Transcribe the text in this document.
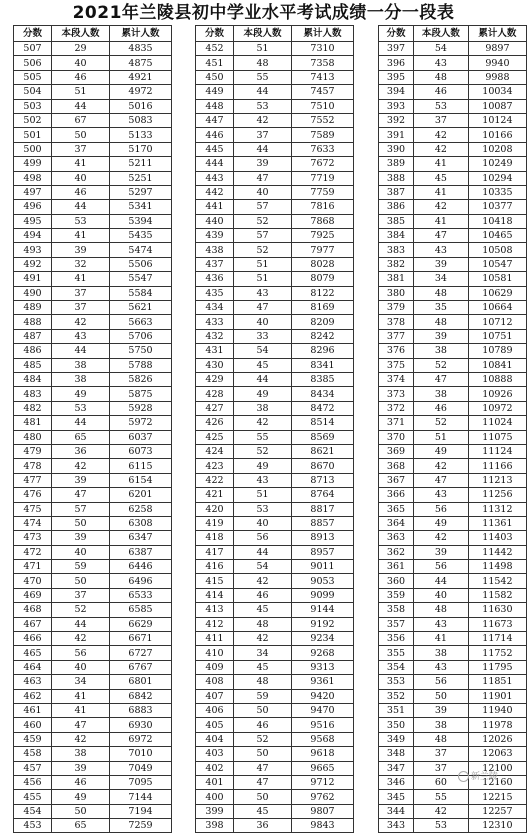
2021年兰陵县初中学业水平考试成绩一分一段表
分数	本段人数	累计人数
507	29	4835
506	40	4875
505	46	4921
504	51	4972
503	44	5016
502	67	5083
501	50	5133
500	37	5170
499	41	5211
498	40	5251
497	46	5297
496	44	5341
495	53	5394
494	41	5435
493	39	5474
492	32	5506
491	41	5547
490	37	5584
489	37	5621
488	42	5663
487	43	5706
486	44	5750
485	38	5788
484	38	5826
483	49	5875
482	53	5928
481	44	5972
480	65	6037
479	36	6073
478	42	6115
477	39	6154
476	47	6201
475	57	6258
474	50	6308
473	39	6347
472	40	6387
471	59	6446
470	50	6496
469	37	6533
468	52	6585
467	44	6629
466	42	6671
465	56	6727
464	40	6767
463	34	6801
462	41	6842
461	41	6883
460	47	6930
459	42	6972
458	38	7010
457	39	7049
456	46	7095
455	49	7144
454	50	7194
453	65	7259
分数	本段人数	累计人数
452	51	7310
451	48	7358
450	55	7413
449	44	7457
448	53	7510
447	42	7552
446	37	7589
445	44	7633
444	39	7672
443	47	7719
442	40	7759
441	57	7816
440	52	7868
439	57	7925
438	52	7977
437	51	8028
436	51	8079
435	43	8122
434	47	8169
433	40	8209
432	33	8242
431	54	8296
430	45	8341
429	44	8385
428	49	8434
427	38	8472
426	42	8514
425	55	8569
424	52	8621
423	49	8670
422	43	8713
421	51	8764
420	53	8817
419	40	8857
418	56	8913
417	44	8957
416	54	9011
415	42	9053
414	46	9099
413	45	9144
412	48	9192
411	42	9234
410	34	9268
409	45	9313
408	48	9361
407	59	9420
406	50	9470
405	46	9516
404	52	9568
403	50	9618
402	47	9665
401	47	9712
400	50	9762
399	45	9807
398	36	9843
分数	本段人数	累计人数
397	54	9897
396	43	9940
395	48	9988
394	46	10034
393	53	10087
392	37	10124
391	42	10166
390	42	10208
389	41	10249
388	45	10294
387	41	10335
386	42	10377
385	41	10418
384	47	10465
383	43	10508
382	39	10547
381	34	10581
380	48	10629
379	35	10664
378	48	10712
377	39	10751
376	38	10789
375	52	10841
374	47	10888
373	38	10926
372	46	10972
371	52	11024
370	51	11075
369	49	11124
368	42	11166
367	47	11213
366	43	11256
365	56	11312
364	49	11361
363	42	11403
362	39	11442
361	56	11498
360	44	11542
359	40	11582
358	48	11630
357	43	11673
356	41	11714
355	38	11752
354	43	11795
353	56	11851
352	50	11901
351	39	11940
350	38	11978
349	48	12026
348	37	12063
347	37	12100
346	60	12160
345	55	12215
344	42	12257
343	53	12310
新兰陵
